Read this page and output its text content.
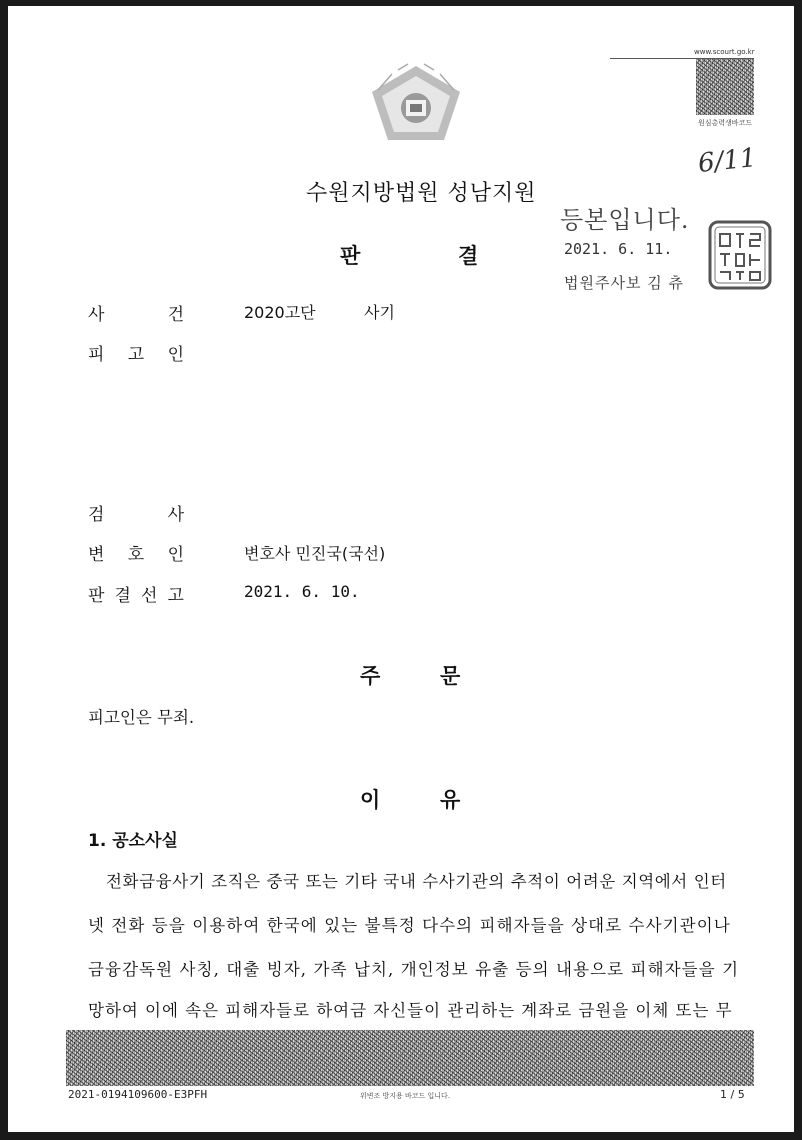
www.scourt.go.kr
원심총력생바코드
6/11
수원지방법원 성남지원
등본입니다.
2021. 6. 11.
법원주사보 김 츄
판	결
사	건	2020고단	사기
피 고 인
검	사
변 호 인	변호사 민진국(국선)
판 결 선 고	2021. 6. 10.
주	문
피고인은 무죄.
이	유
1. 공소사실
전화금융사기 조직은 중국 또는 기타 국내 수사기관의 추적이 어려운 지역에서 인터
넷 전화 등을 이용하여 한국에 있는 불특정 다수의 피해자들을 상대로 수사기관이나
금융감독원 사칭, 대출 빙자, 가족 납치, 개인정보 유출 등의 내용으로 피해자들을 기
망하여 이에 속은 피해자들로 하여금 자신들이 관리하는 계좌로 금원을 이체 또는 무
2021-0194109600-E3PFH	위변조 방지용 바코드 입니다.	1 / 5
